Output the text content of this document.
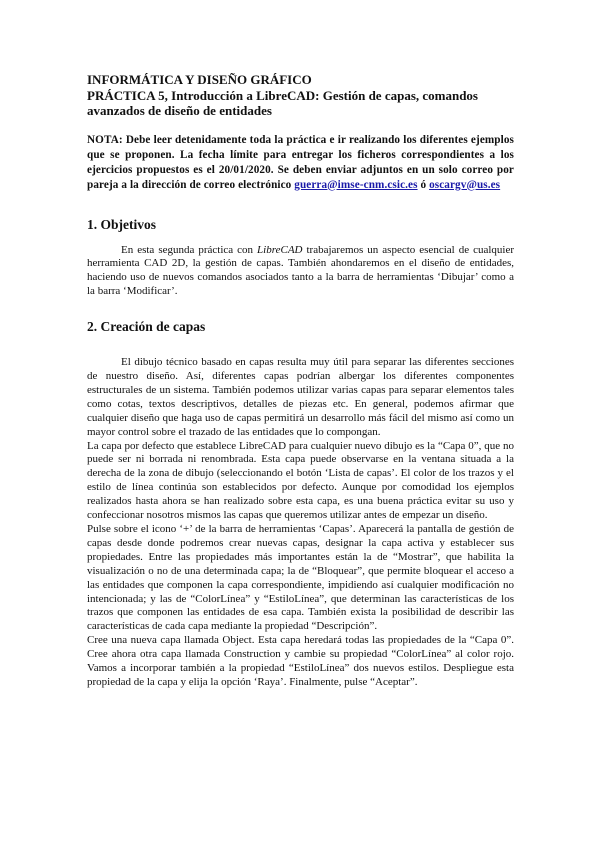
INFORMÁTICA Y DISEÑO GRÁFICO
PRÁCTICA 5, Introducción a LibreCAD: Gestión de capas, comandos avanzados de diseño de entidades
NOTA: Debe leer detenidamente toda la práctica e ir realizando los diferentes ejemplos que se proponen. La fecha límite para entregar los ficheros correspondientes a los ejercicios propuestos es el 20/01/2020. Se deben enviar adjuntos en un solo correo por pareja a la dirección de correo electrónico guerra@imse-cnm.csic.es ó oscargv@us.es
1. Objetivos

En esta segunda práctica con LibreCAD trabajaremos un aspecto esencial de cualquier herramienta CAD 2D, la gestión de capas. También ahondaremos en el diseño de entidades, haciendo uso de nuevos comandos asociados tanto a la barra de herramientas ‘Dibujar’ como a la barra ‘Modificar’.

2. Creación de capas

El dibujo técnico basado en capas resulta muy útil para separar las diferentes secciones de nuestro diseño. Así, diferentes capas podrían albergar los diferentes componentes estructurales de un sistema. También podemos utilizar varias capas para separar elementos tales como cotas, textos descriptivos, detalles de piezas etc. En general, podemos afirmar que cualquier diseño que haga uso de capas permitirá un desarrollo más fácil del mismo así como un mayor control sobre el trazado de las entidades que lo compongan.

La capa por defecto que establece LibreCAD para cualquier nuevo dibujo es la “Capa 0”, que no puede ser ni borrada ni renombrada. Esta capa puede observarse en la ventana situada a la derecha de la zona de dibujo (seleccionando el botón ‘Lista de capas’. El color de los trazos y el estilo de línea continúa son establecidos por defecto. Aunque por comodidad los ejemplos realizados hasta ahora se han realizado sobre esta capa, es una buena práctica evitar su uso y confeccionar nosotros mismos las capas que queremos utilizar antes de empezar un diseño.

Pulse sobre el icono ‘+’ de la barra de herramientas ‘Capas’. Aparecerá la pantalla de gestión de capas desde donde podremos crear nuevas capas, designar la capa activa y establecer sus propiedades. Entre las propiedades más importantes están la de “Mostrar”, que habilita la visualización o no de una determinada capa; la de “Bloquear”, que permite bloquear el acceso a las entidades que componen la capa correspondiente, impidiendo así cualquier modificación no intencionada; y las de “ColorLínea” y “EstiloLínea”, que determinan las características de los trazos que componen las entidades de esa capa. También exista la posibilidad de describir las características de cada capa mediante la propiedad “Descripción”.

Cree una nueva capa llamada Object. Esta capa heredará todas las propiedades de la “Capa 0”. Cree ahora otra capa llamada Construction y cambie su propiedad “ColorLínea” al color rojo. Vamos a incorporar también a la propiedad “EstiloLínea” dos nuevos estilos. Despliegue esta propiedad de la capa y elija la opción ‘Raya’. Finalmente, pulse “Aceptar”.
